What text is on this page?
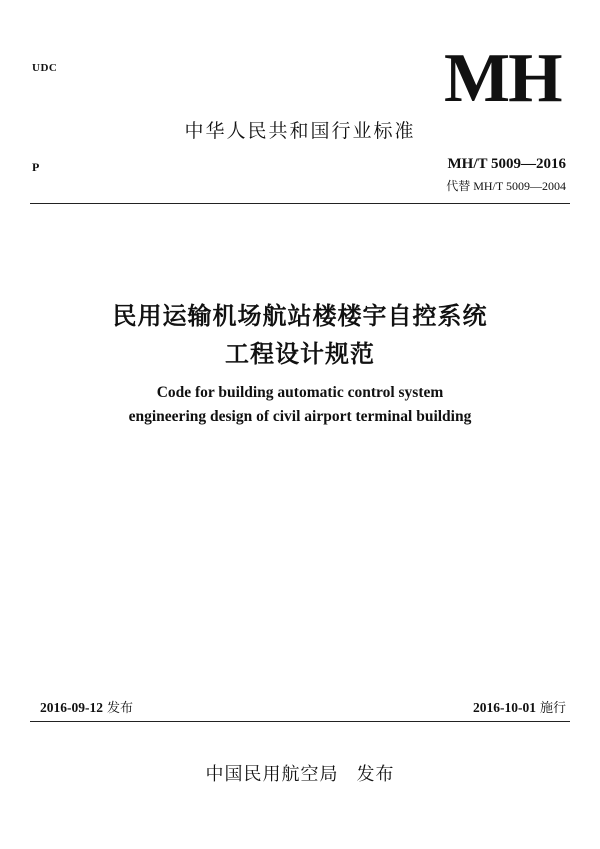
UDC	MH
中华人民共和国行业标准
P	MH/T 5009—2016
代替 MH/T 5009—2004
民用运输机场航站楼楼宇自控系统
工程设计规范
Code for building automatic control system
engineering design of civil airport terminal building
2016-09-12 发布	2016-10-01 施行
中国民用航空局 发布
